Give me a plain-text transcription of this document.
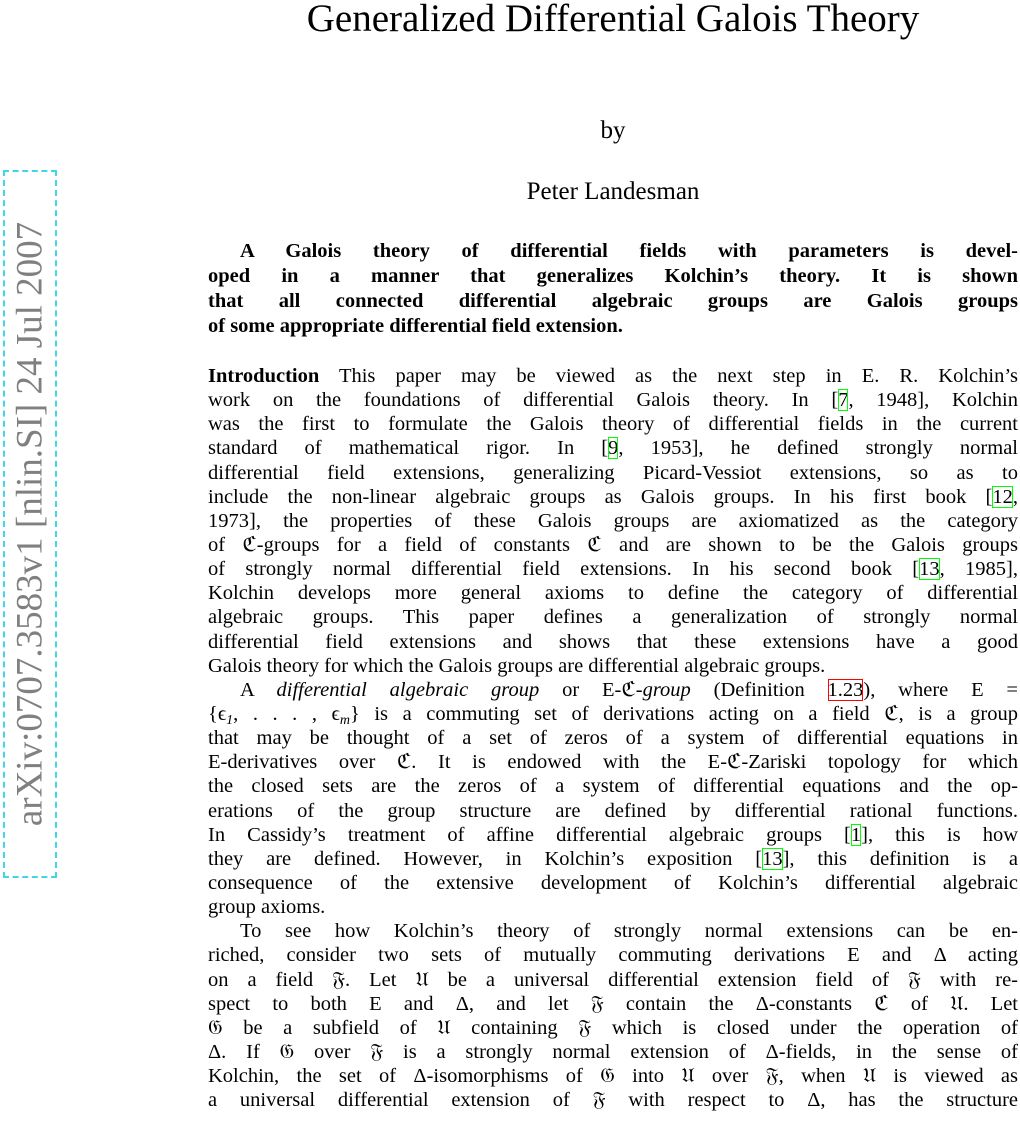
Generalized Differential Galois Theory
by
Peter Landesman
arXiv:0707.3583v1 [nlin.SI] 24 Jul 2007	A Galois theory of differential fields with parameters is devel-
oped in a manner that generalizes Kolchin’s theory. It is shown
that all connected differential algebraic groups are Galois groups
of some appropriate differential field extension.
Introduction This paper may be viewed as the next step in E. R. Kolchin’s
work on the foundations of differential Galois theory. In [7, 1948], Kolchin
was the first to formulate the Galois theory of differential fields in the current
standard of mathematical rigor. In [9, 1953], he defined strongly normal
differential field extensions, generalizing Picard-Vessiot extensions, so as to
include the non-linear algebraic groups as Galois groups. In his first book [12,
1973], the properties of these Galois groups are axiomatized as the category
of ℭ-groups for a field of constants ℭ and are shown to be the Galois groups
of strongly normal differential field extensions. In his second book [13, 1985],
Kolchin develops more general axioms to define the category of differential
algebraic groups. This paper defines a generalization of strongly normal
differential field extensions and shows that these extensions have a good
Galois theory for which the Galois groups are differential algebraic groups.
A differential algebraic group or E-ℭ-group (Definition 1.23), where E =
{$\epsilon_1$, . . . , $\epsilon_m$} is a commuting set of derivations acting on a field ℭ, is a group
that may be thought of a set of zeros of a system of differential equations in
E-derivatives over ℭ. It is endowed with the E-ℭ-Zariski topology for which
the closed sets are the zeros of a system of differential equations and the op-
erations of the group structure are defined by differential rational functions.
In Cassidy’s treatment of affine differential algebraic groups [1], this is how
they are defined. However, in Kolchin’s exposition [13], this definition is a
consequence of the extensive development of Kolchin’s differential algebraic
group axioms.
To see how Kolchin’s theory of strongly normal extensions can be en-
riched, consider two sets of mutually commuting derivations E and Δ acting
on a field 𝔉. Let 𝔘 be a universal differential extension field of 𝔉 with re-
spect to both E and Δ, and let 𝔉 contain the Δ-constants ℭ of 𝔘. Let
𝔊 be a subfield of 𝔘 containing 𝔉 which is closed under the operation of
Δ. If 𝔊 over 𝔉 is a strongly normal extension of Δ-fields, in the sense of
Kolchin, the set of Δ-isomorphisms of 𝔊 into 𝔘 over 𝔉, when 𝔘 is viewed as
a universal differential extension of 𝔉 with respect to Δ, has the structure
